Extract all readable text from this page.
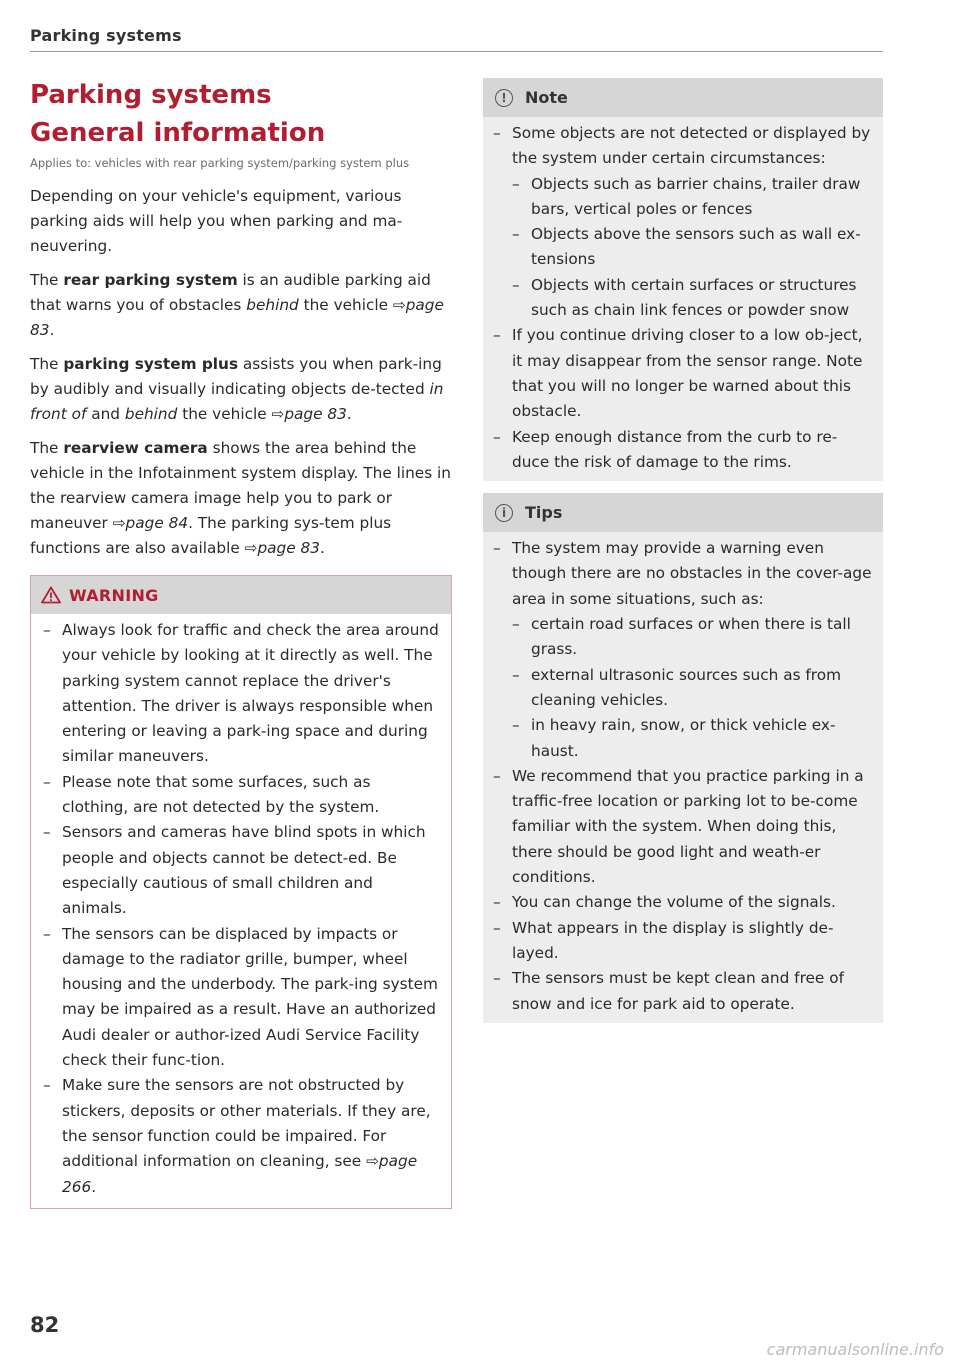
Parking systems
Parking systems
General information
Applies to: vehicles with rear parking system/parking system plus

Depending on your vehicle's equipment, various parking aids will help you when parking and ma-neuvering.

The rear parking system is an audible parking aid that warns you of obstacles behind the vehicle ⇨page 83.

The parking system plus assists you when park-ing by audibly and visually indicating objects de-tected in front of and behind the vehicle ⇨page 83.

The rearview camera shows the area behind the vehicle in the Infotainment system display. The lines in the rearview camera image help you to park or maneuver ⇨page 84. The parking sys-tem plus functions are also available ⇨page 83.

WARNING
– Always look for traffic and check the area around your vehicle by looking at it directly as well. The parking system cannot replace the driver's attention. The driver is always responsible when entering or leaving a park-ing space and during similar maneuvers.
– Please note that some surfaces, such as clothing, are not detected by the system.
– Sensors and cameras have blind spots in which people and objects cannot be detect-ed. Be especially cautious of small children and animals.
– The sensors can be displaced by impacts or damage to the radiator grille, bumper, wheel housing and the underbody. The park-ing system may be impaired as a result. Have an authorized Audi dealer or author-ized Audi Service Facility check their func-tion.
– Make sure the sensors are not obstructed by stickers, deposits or other materials. If they are, the sensor function could be impaired. For additional information on cleaning, see ⇨page 266.
!	Note
– Some objects are not detected or displayed by the system under certain circumstances:
– Objects such as barrier chains, trailer draw bars, vertical poles or fences
– Objects above the sensors such as wall ex-tensions
– Objects with certain surfaces or structures such as chain link fences or powder snow
– If you continue driving closer to a low ob-ject, it may disappear from the sensor range. Note that you will no longer be warned about this obstacle.
– Keep enough distance from the curb to re-duce the risk of damage to the rims.
i	Tips
– The system may provide a warning even though there are no obstacles in the cover-age area in some situations, such as:
– certain road surfaces or when there is tall grass.
– external ultrasonic sources such as from cleaning vehicles.
– in heavy rain, snow, or thick vehicle ex-haust.
– We recommend that you practice parking in a traffic-free location or parking lot to be-come familiar with the system. When doing this, there should be good light and weath-er conditions.
– You can change the volume of the signals.
– What appears in the display is slightly de-layed.
– The sensors must be kept clean and free of snow and ice for park aid to operate.
82
carmanualsonline.info
